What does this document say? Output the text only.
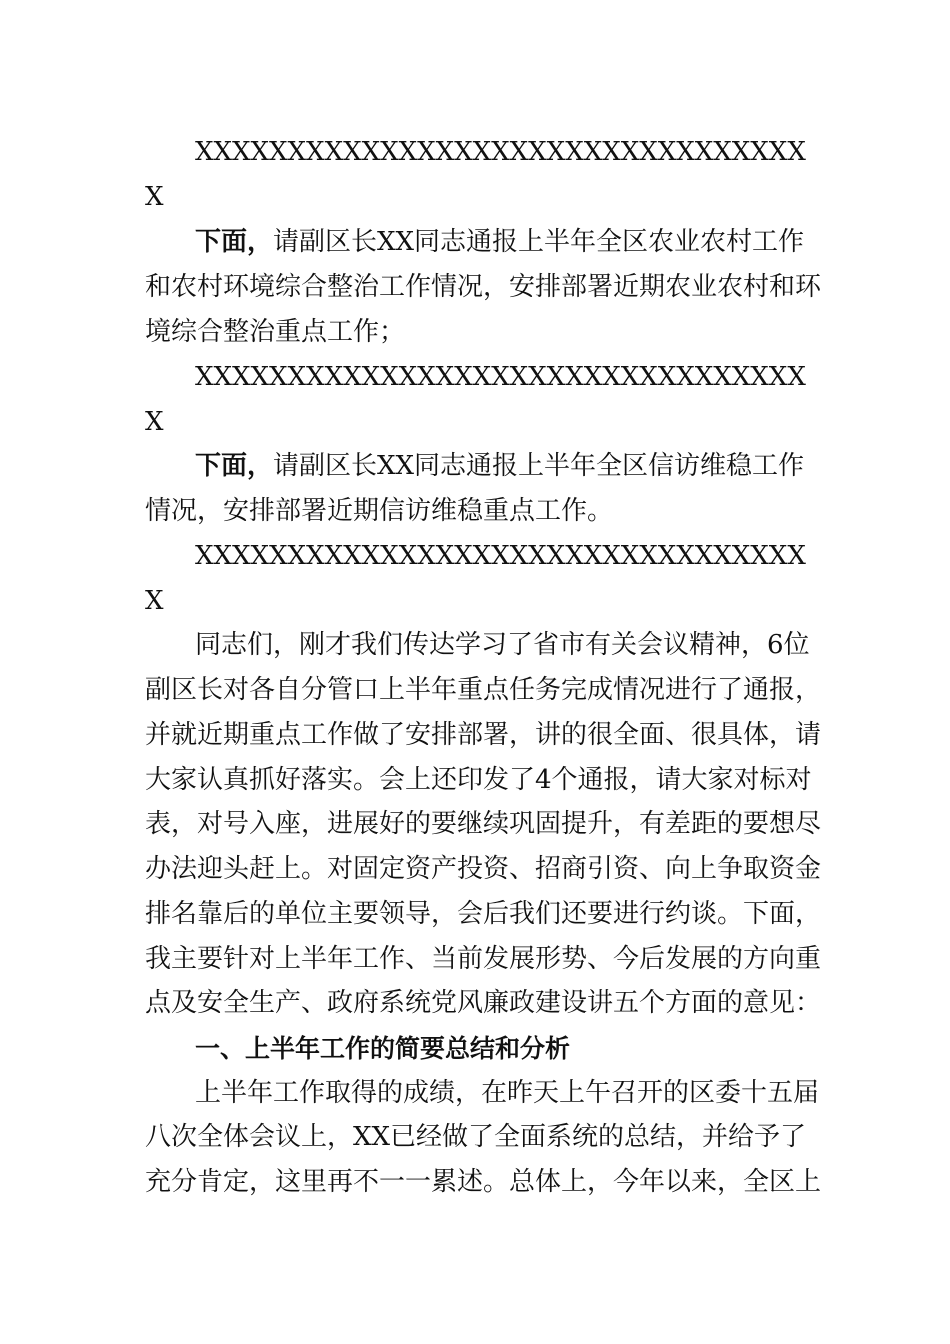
XXXXXXXXXXXXXXXXXXXXXXXXXXXXXXXXX

X

下面，请副区长XX同志通报上半年全区农业农村工作

和农村环境综合整治工作情况，安排部署近期农业农村和环

境综合整治重点工作；

XXXXXXXXXXXXXXXXXXXXXXXXXXXXXXXXX

X

下面，请副区长XX同志通报上半年全区信访维稳工作

情况，安排部署近期信访维稳重点工作。

XXXXXXXXXXXXXXXXXXXXXXXXXXXXXXXXX

X

同志们，刚才我们传达学习了省市有关会议精神，6位

副区长对各自分管口上半年重点任务完成情况进行了通报，

并就近期重点工作做了安排部署，讲的很全面、很具体，请

大家认真抓好落实。会上还印发了4个通报，请大家对标对

表，对号入座，进展好的要继续巩固提升，有差距的要想尽

办法迎头赶上。对固定资产投资、招商引资、向上争取资金

排名靠后的单位主要领导，会后我们还要进行约谈。下面，

我主要针对上半年工作、当前发展形势、今后发展的方向重

点及安全生产、政府系统党风廉政建设讲五个方面的意见：

一、上半年工作的简要总结和分析

上半年工作取得的成绩，在昨天上午召开的区委十五届

八次全体会议上，XX已经做了全面系统的总结，并给予了

充分肯定，这里再不一一累述。总体上，今年以来，全区上
